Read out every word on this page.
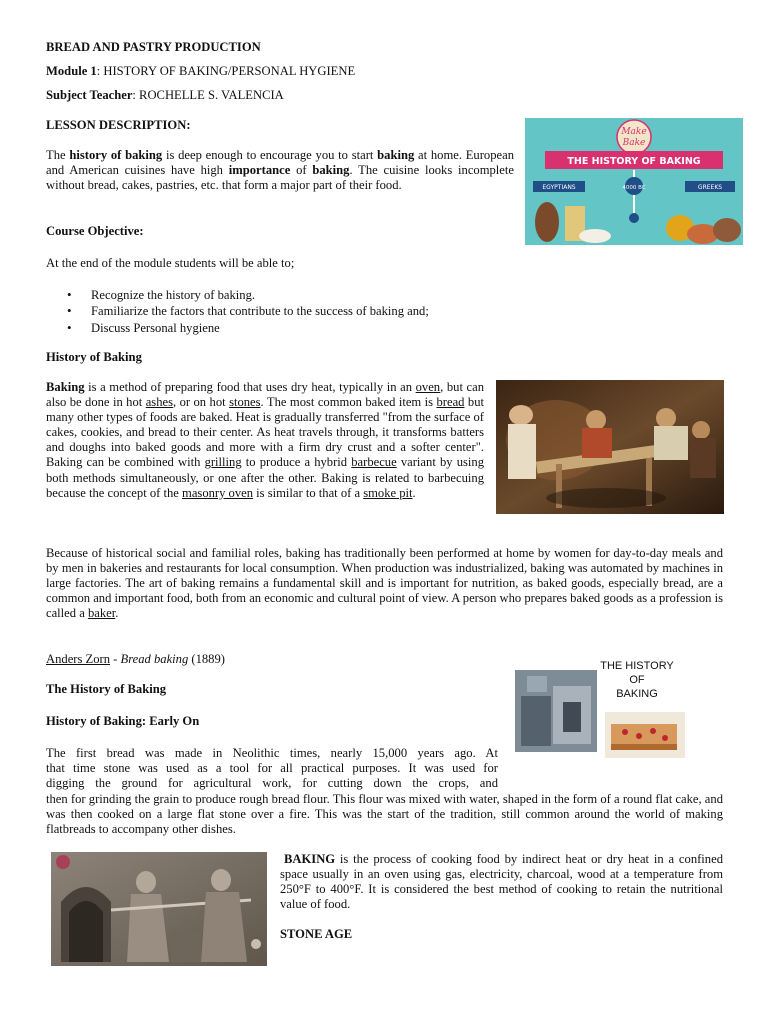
BREAD AND PASTRY PRODUCTION
Module 1: HISTORY OF BAKING/PERSONAL HYGIENE
Subject Teacher: ROCHELLE S. VALENCIA
LESSON DESCRIPTION:

The history of baking is deep enough to encourage you to start baking at home. European and American cuisines have high importance of baking. The cuisine looks incomplete without bread, cakes, pastries, etc. that form a major part of their food.

Make
Bake
THE HISTORY OF BAKING
EGYPTIANS	4000 BC	GREEKS
Course Objective:
At the end of the module students will be able to;
• Recognize the history of baking.
• Familiarize the factors that contribute to the success of baking and;
• Discuss Personal hygiene
History of Baking

Baking is a method of preparing food that uses dry heat, typically in an oven, but can also be done in hot ashes, or on hot stones. The most common baked item is bread but many other types of foods are baked. Heat is gradually transferred "from the surface of cakes, cookies, and bread to their center. As heat travels through, it transforms batters and doughs into baked goods and more with a firm dry crust and a softer center". Baking can be combined with grilling to produce a hybrid barbecue variant by using both methods simultaneously, or one after the other. Baking is related to barbecuing because the concept of the masonry oven is similar to that of a smoke pit.

Because of historical social and familial roles, baking has traditionally been performed at home by women for day-to-day meals and by men in bakeries and restaurants for local consumption. When production was industrialized, baking was automated by machines in large factories. The art of baking remains a fundamental skill and is important for nutrition, as baked goods, especially bread, are a common and important food, both from an economic and cultural point of view. A person who prepares baked goods as a profession is called a baker.

Anders Zorn - Bread baking (1889)
The History of Baking
History of Baking: Early On
THE HISTORY
OF
BAKING

The first bread was made in Neolithic times, nearly 15,000 years ago. At

that time stone was used as a tool for all practical purposes. It was used for

digging the ground for agricultural work, for cutting down the crops, and

then for grinding the grain to produce rough bread flour. This flour was mixed with water, shaped in the form of a round flat cake, and was then cooked on a large flat stone over a fire. This was the start of the tradition, still common around the world of making flatbreads to accompany other dishes.

BAKING is the process of cooking food by indirect heat or dry heat in a confined space usually in an oven using gas, electricity, charcoal, wood at a temperature from 250°F to 400°F. It is considered the best method of cooking to retain the nutritional value of food.

STONE AGE
